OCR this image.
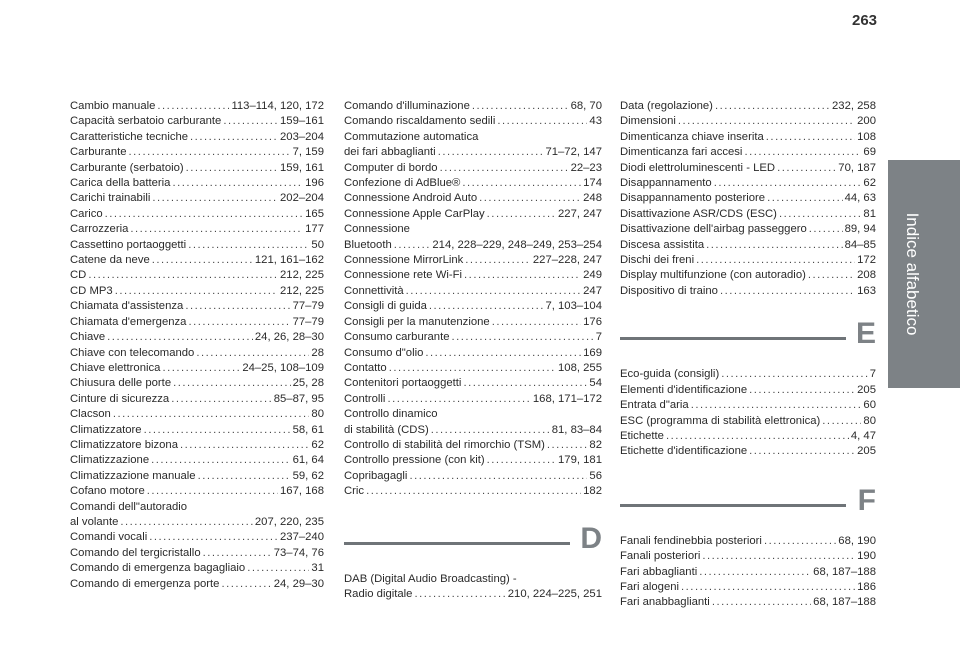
263
Indice alfabetico
Cambio manuale .....	113–114, 120, 172
Capacità serbatoio carburante .....	159–161
Caratteristiche tecniche .....	203–204
Carburante .....	7, 159
Carburante (serbatoio) .....	159, 161
Carica della batteria .....	196
Carichi trainabili .....	202–204
Carico .....	165
Carrozzeria .....	177
Cassettino portaoggetti .....	50
Catene da neve .....	121, 161–162
CD .....	212, 225
CD MP3 .....	212, 225
Chiamata d'assistenza .....	77–79
Chiamata d'emergenza .....	77–79
Chiave .....	24, 26, 28–30
Chiave con telecomando .....	28
Chiave elettronica .....	24–25, 108–109
Chiusura delle porte .....	25, 28
Cinture di sicurezza .....	85–87, 95
Clacson .....	80
Climatizzatore .....	58, 61
Climatizzatore bizona .....	62
Climatizzazione .....	61, 64
Climatizzazione manuale .....	59, 62
Cofano motore .....	167, 168
Comandi dell"autoradio
al volante .....	207, 220, 235
Comandi vocali .....	237–240
Comando del tergicristallo .....	73–74, 76
Comando di emergenza bagagliaio .....	31
Comando di emergenza porte .....	24, 29–30
Comando d'illuminazione .....	68, 70
Comando riscaldamento sedili .....	43
Commutazione automatica
dei fari abbaglianti .....	71–72, 147
Computer di bordo .....	22–23
Confezione di AdBlue® .....	174
Connessione Android Auto .....	248
Connessione Apple CarPlay .....	227, 247
Connessione
Bluetooth .....	214, 228–229, 248–249, 253–254
Connessione MirrorLink .....	227–228, 247
Connessione rete Wi-Fi .....	249
Connettività .....	247
Consigli di guida .....	7, 103–104
Consigli per la manutenzione .....	176
Consumo carburante .....	7
Consumo d"olio .....	169
Contatto .....	108, 255
Contenitori portaoggetti .....	54
Controlli .....	168, 171–172
Controllo dinamico
di stabilità (CDS) .....	81, 83–84
Controllo di stabilità del rimorchio (TSM) .....	82
Controllo pressione (con kit) .....	179, 181
Copribagagli .....	56
Cric .....	182
D
DAB (Digital Audio Broadcasting) -
Radio digitale .....	210, 224–225, 251
Data (regolazione) .....	232, 258
Dimensioni .....	200
Dimenticanza chiave inserita .....	108
Dimenticanza fari accesi .....	69
Diodi elettroluminescenti - LED .....	70, 187
Disappannamento .....	62
Disappannamento posteriore .....	44, 63
Disattivazione ASR/CDS (ESC) .....	81
Disattivazione dell'airbag passeggero .....	89, 94
Discesa assistita .....	84–85
Dischi dei freni .....	172
Display multifunzione (con autoradio) .....	208
Dispositivo di traino .....	163
E
Eco-guida (consigli) .....	7
Elementi d'identificazione .....	205
Entrata d"aria .....	60
ESC (programma di stabilità elettronica) .....	80
Etichette .....	4, 47
Etichette d'identificazione .....	205
F
Fanali fendinebbia posteriori .....	68, 190
Fanali posteriori .....	190
Fari abbaglianti .....	68, 187–188
Fari alogeni .....	186
Fari anabbaglianti .....	68, 187–188
